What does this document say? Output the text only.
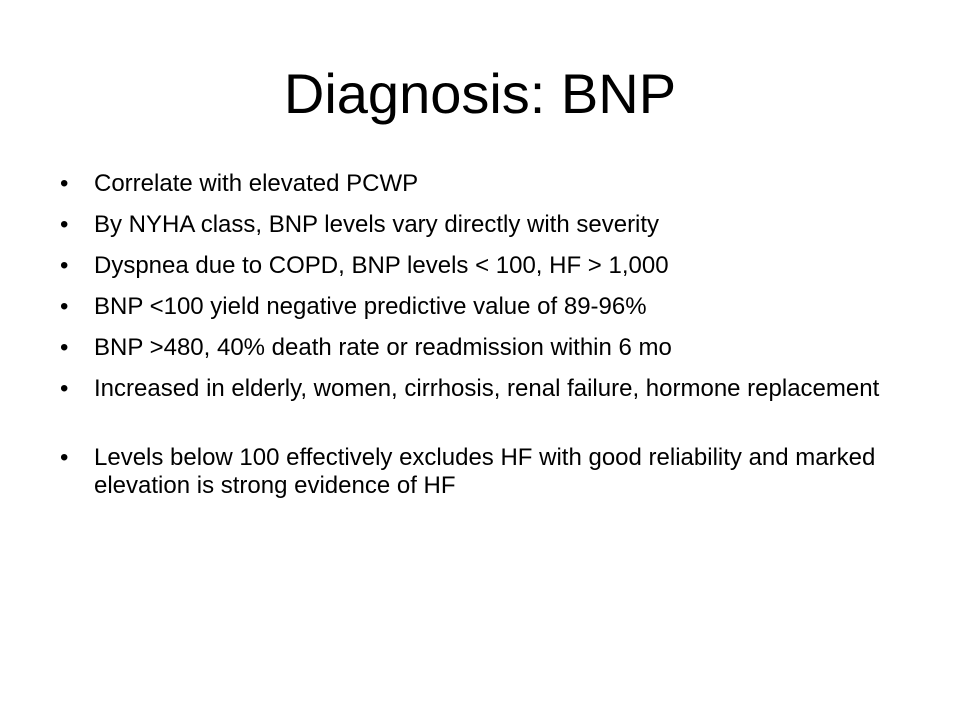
Diagnosis: BNP
•	Correlate with elevated PCWP
•	By NYHA class, BNP levels vary directly with severity
•	Dyspnea due to COPD, BNP levels < 100, HF > 1,000
•	BNP <100 yield negative predictive value of 89-96%
•	BNP >480, 40% death rate or readmission within 6 mo
•	Increased in elderly, women, cirrhosis, renal failure, hormone replacement
•	Levels below 100 effectively excludes HF with good reliability and marked elevation is strong evidence of HF
